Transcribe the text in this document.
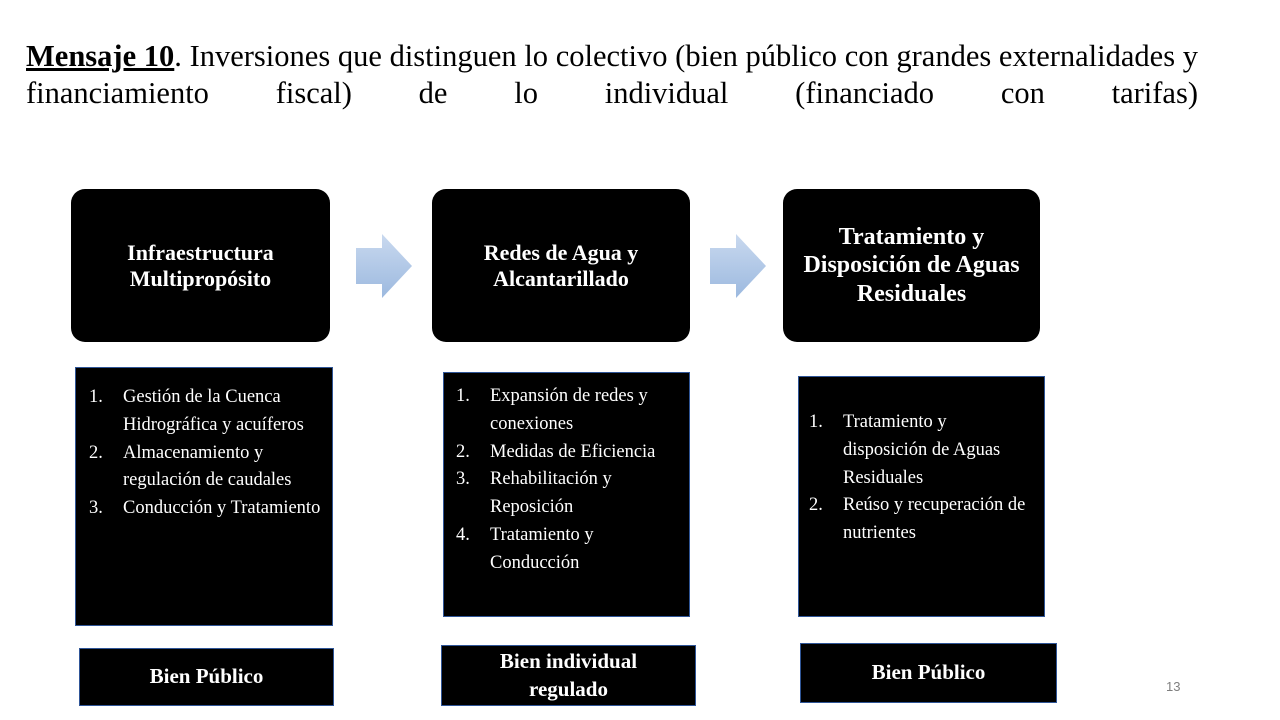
Mensaje 10. Inversiones que distinguen lo colectivo (bien público con grandes externalidades y financiamiento fiscal) de lo individual (financiado con tarifas)
Infraestructura Multipropósito
Redes de Agua y Alcantarillado
Tratamiento y Disposición de Aguas Residuales
1. Gestión de la Cuenca Hidrográfica y acuíferos
2. Almacenamiento y regulación de caudales
3. Conducción y Tratamiento
1. Expansión de redes y conexiones
2. Medidas de Eficiencia
3. Rehabilitación y Reposición
4. Tratamiento y Conducción
1. Tratamiento y disposición de Aguas Residuales
2. Reúso y recuperación de nutrientes
Bien Público
Bien individual regulado
Bien Público
13
